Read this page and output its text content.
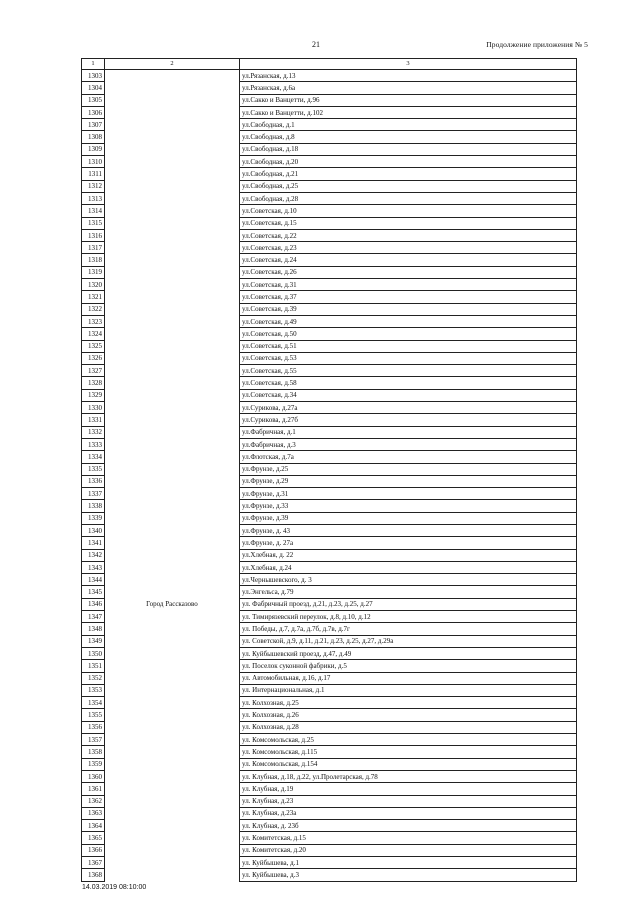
21	Продолжение приложения № 5
1	2	3
1303		ул.Рязанская, д.13
1304		ул.Рязанская, д.6а
1305		ул.Сакко и Ванцетти, д.96
1306		ул.Сакко и Ванцетти, д.102
1307		ул.Свободная, д.1
1308		ул.Свободная, д.8
1309		ул.Свободная, д.18
1310		ул.Свободная, д.20
1311		ул.Свободная, д.21
1312		ул.Свободная, д.25
1313		ул.Свободная, д.28
1314		ул.Советская, д.10
1315		ул.Советская, д.15
1316		ул.Советская, д.22
1317		ул.Советская, д.23
1318		ул.Советская, д.24
1319		ул.Советская, д.26
1320		ул.Советская, д.31
1321		ул.Советская, д.37
1322		ул.Советская, д.39
1323		ул.Советская, д.49
1324		ул.Советская, д.50
1325		ул.Советская, д.51
1326		ул.Советская, д.53
1327		ул.Советская, д.55
1328		ул.Советская, д.58
1329		ул.Советская, д.34
1330		ул.Сурикова, д.27а
1331		ул.Сурикова, д.27б
1332		ул.Фабричная, д.1
1333		ул.Фабричная, д.3
1334		ул.Флотская, д.7а
1335		ул.Фрунзе, д.25
1336		ул.Фрунзе, д.29
1337		ул.Фрунзе, д.31
1338		ул.Фрунзе, д.33
1339		ул.Фрунзе, д.39
1340		ул.Фрунзе, д. 43
1341		ул.Фрунзе, д. 27а
1342		ул.Хлебная, д. 22
1343		ул.Хлебная, д.24
1344		ул.Чернышевского, д. 3
1345		ул.Энгельса, д.79
1346	Город Рассказово	ул. Фабричный проезд, д.21, д.23, д.25, д.27
1347		ул. Тимирязевский переулок, д.8, д.10, д.12
1348		ул. Победы, д.7, д.7а, д.7б, д.7в, д.7г
1349		ул. Советской, д.9, д.11, д.21, д.23, д.25, д.27, д.29а
1350		ул. Куйбышевский проезд, д.47, д.49
1351		ул. Поселок суконной фабрики, д.5
1352		ул. Автомобильная, д.16, д.17
1353		ул. Интернациональная, д.1
1354		ул. Колхозная, д.25
1355		ул. Колхозная, д.26
1356		ул. Колхозная, д.28
1357		ул. Комсомольская, д.25
1358		ул. Комсомольская, д.115
1359		ул. Комсомольская, д.154
1360		ул. Клубная, д.18, д.22, ул.Пролетарская, д.78
1361		ул. Клубная, д.19
1362		ул. Клубная, д.23
1363		ул. Клубная, д.23а
1364		ул. Клубная, д. 23б
1365		ул. Комитетская, д.15
1366		ул. Комитетская, д.20
1367		ул. Куйбышева, д.1
1368		ул. Куйбышева, д.3
14.03.2019 08:10:00
